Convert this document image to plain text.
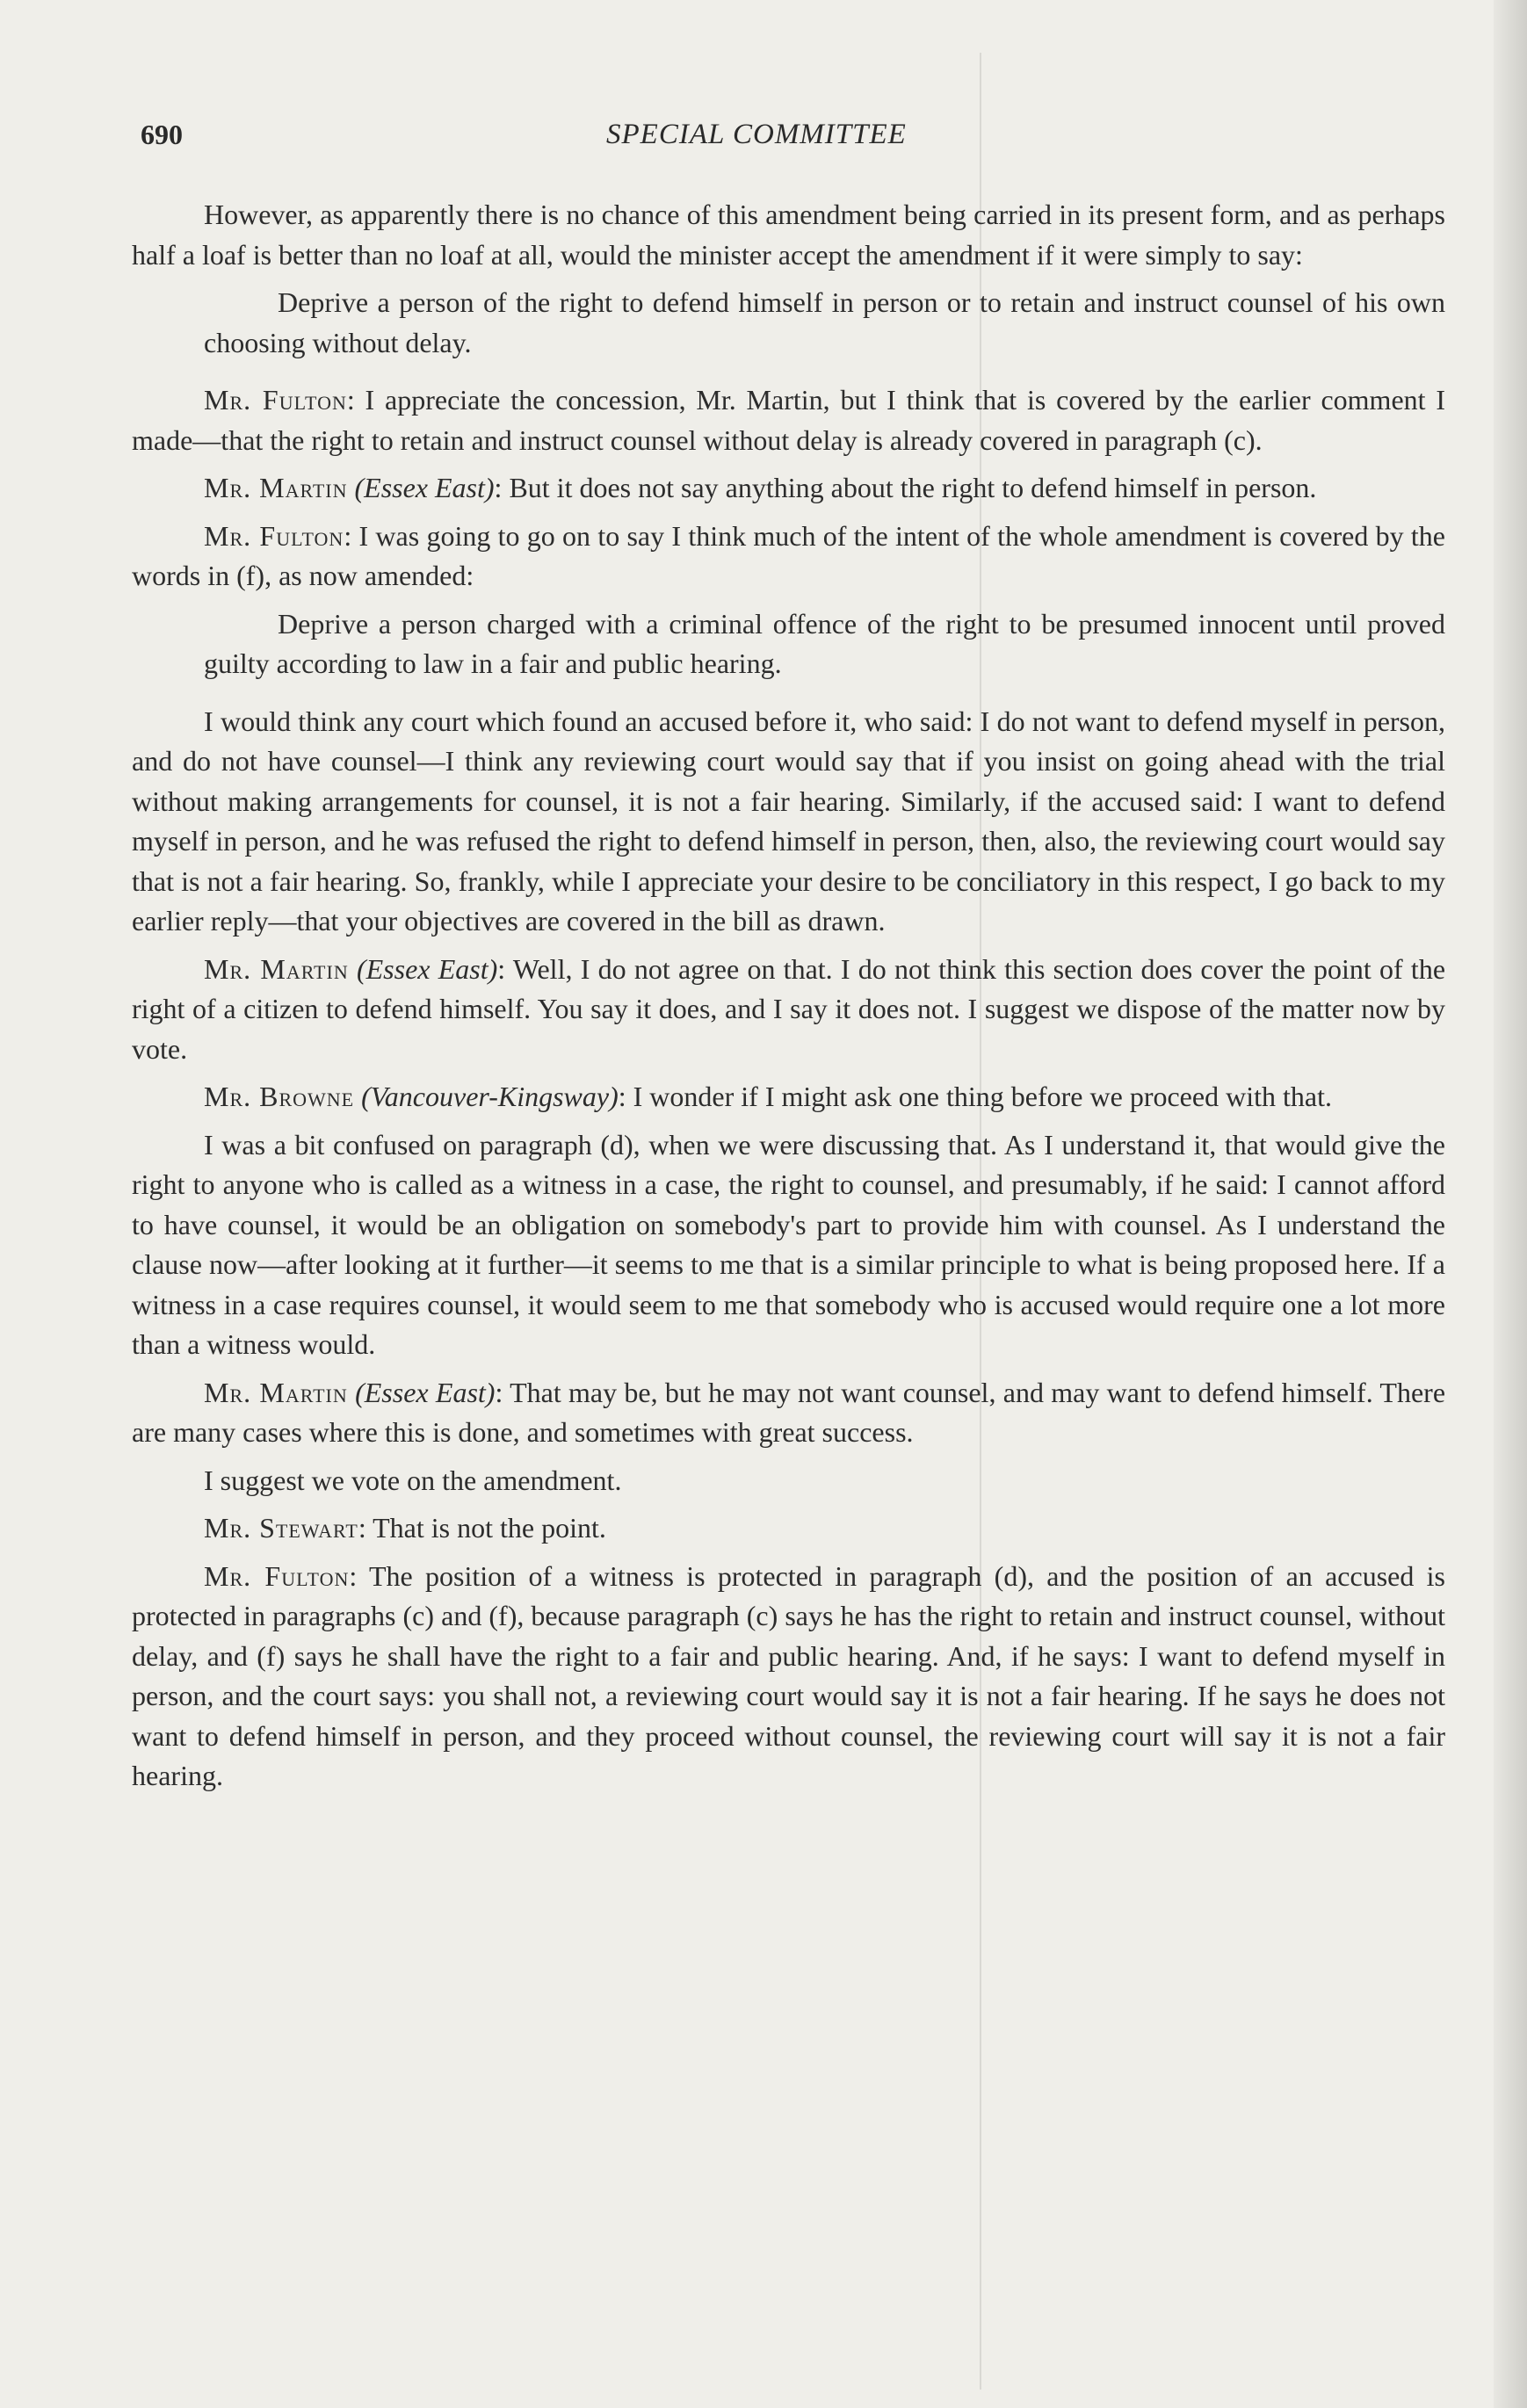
690	SPECIAL COMMITTEE

However, as apparently there is no chance of this amendment being carried in its present form, and as perhaps half a loaf is better than no loaf at all, would the minister accept the amendment if it were simply to say:

Deprive a person of the right to defend himself in person or to retain and instruct counsel of his own choosing without delay.

Mr. Fulton: I appreciate the concession, Mr. Martin, but I think that is covered by the earlier comment I made—that the right to retain and instruct counsel without delay is already covered in paragraph (c).

Mr. Martin (Essex East): But it does not say anything about the right to defend himself in person.

Mr. Fulton: I was going to go on to say I think much of the intent of the whole amendment is covered by the words in (f), as now amended:

Deprive a person charged with a criminal offence of the right to be presumed innocent until proved guilty according to law in a fair and public hearing.

I would think any court which found an accused before it, who said: I do not want to defend myself in person, and do not have counsel—I think any reviewing court would say that if you insist on going ahead with the trial without making arrangements for counsel, it is not a fair hearing. Similarly, if the accused said: I want to defend myself in person, and he was refused the right to defend himself in person, then, also, the reviewing court would say that is not a fair hearing. So, frankly, while I appreciate your desire to be conciliatory in this respect, I go back to my earlier reply—that your objectives are covered in the bill as drawn.

Mr. Martin (Essex East): Well, I do not agree on that. I do not think this section does cover the point of the right of a citizen to defend himself. You say it does, and I say it does not. I suggest we dispose of the matter now by vote.

Mr. Browne (Vancouver-Kingsway): I wonder if I might ask one thing before we proceed with that.

I was a bit confused on paragraph (d), when we were discussing that. As I understand it, that would give the right to anyone who is called as a witness in a case, the right to counsel, and presumably, if he said: I cannot afford to have counsel, it would be an obligation on somebody's part to provide him with counsel. As I understand the clause now—after looking at it further—it seems to me that is a similar principle to what is being proposed here. If a witness in a case requires counsel, it would seem to me that somebody who is accused would require one a lot more than a witness would.

Mr. Martin (Essex East): That may be, but he may not want counsel, and may want to defend himself. There are many cases where this is done, and sometimes with great success.

I suggest we vote on the amendment.

Mr. Stewart: That is not the point.

Mr. Fulton: The position of a witness is protected in paragraph (d), and the position of an accused is protected in paragraphs (c) and (f), because paragraph (c) says he has the right to retain and instruct counsel, without delay, and (f) says he shall have the right to a fair and public hearing. And, if he says: I want to defend myself in person, and the court says: you shall not, a reviewing court would say it is not a fair hearing. If he says he does not want to defend himself in person, and they proceed without counsel, the reviewing court will say it is not a fair hearing.
